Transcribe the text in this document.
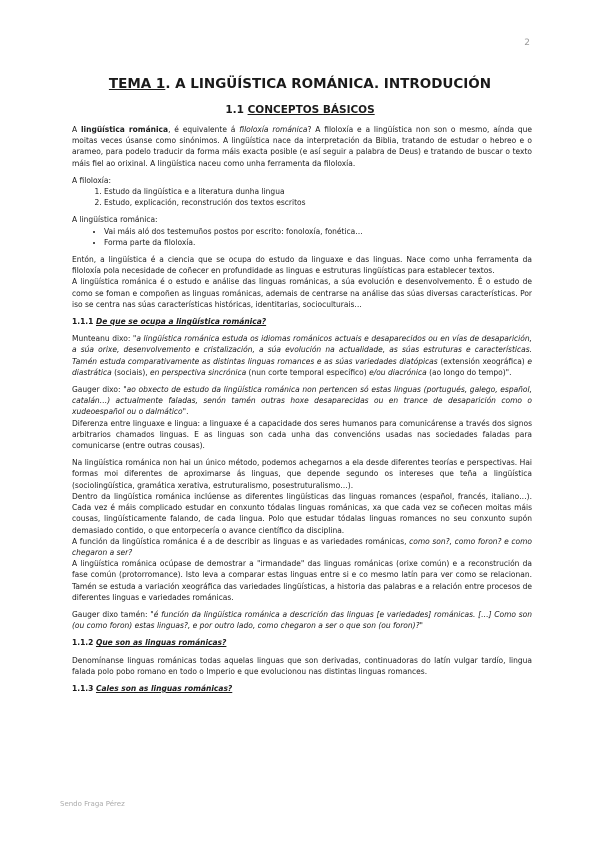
2
TEMA 1. A LINGÜÍSTICA ROMÁNICA. INTRODUCIÓN
1.1 CONCEPTOS BÁSICOS

A lingüística románica, é equivalente á filoloxía románica? A filoloxía e a lingüística non son o mesmo, aínda que moitas veces úsanse como sinónimos. A lingüística nace da interpretación da Biblia, tratando de estudar o hebreo e o arameo, para podelo traducir da forma máis exacta posible (e así seguir a palabra de Deus) e tratando de buscar o texto máis fiel ao orixinal. A lingüística naceu como unha ferramenta da filoloxía.

A filoloxía:

1. Estudo da lingüística e a literatura dunha lingua
2. Estudo, explicación, reconstrución dos textos escritos

A lingüística románica:

• Vai máis aló dos testemuños postos por escrito: fonoloxía, fonética…
• Forma parte da filoloxía.

Entón, a lingüística é a ciencia que se ocupa do estudo da linguaxe e das linguas. Nace como unha ferramenta da filoloxía pola necesidade de coñecer en profundidade as linguas e estruturas lingüísticas para establecer textos.

A lingüística románica é o estudo e análise das linguas románicas, a súa evolución e desenvolvemento. É o estudo de como se foman e compoñen as linguas románicas, ademais de centrarse na análise das súas diversas características. Por iso se centra nas súas características históricas, identitarias, socioculturais…

1.1.1 De que se ocupa a lingüística románica?

Munteanu dixo: "a lingüística románica estuda os idiomas románicos actuais e desaparecidos ou en vías de desaparición, a súa orixe, desenvolvemento e cristalización, a súa evolución na actualidade, as súas estruturas e características. Tamén estuda comparativamente as distintas linguas romances e as súas variedades diatópicas (extensión xeográfica) e diastrática (sociais), en perspectiva sincrónica (nun corte temporal específico) e/ou diacrónica (ao longo do tempo)".

Gauger dixo: "ao obxecto de estudo da lingüística románica non pertencen só estas linguas (portugués, galego, español, catalán…) actualmente faladas, senón tamén outras hoxe desaparecidas ou en trance de desaparición como o xudeoespañol ou o dalmático".

Diferenza entre linguaxe e lingua: a linguaxe é a capacidade dos seres humanos para comunicárense a través dos signos arbitrarios chamados linguas. E as linguas son cada unha das convencións usadas nas sociedades faladas para comunicarse (entre outras cousas).

Na lingüística románica non hai un único método, podemos achegarnos a ela desde diferentes teorías e perspectivas. Hai formas moi diferentes de aproximarse ás linguas, que depende segundo os intereses que teña a lingüística (sociolingüística, gramática xerativa, estruturalismo, posestruturalismo…).

Dentro da lingüística románica inclúense as diferentes lingüísticas das linguas romances (español, francés, italiano…). Cada vez é máis complicado estudar en conxunto tódalas linguas románicas, xa que cada vez se coñecen moitas máis cousas, lingüísticamente falando, de cada lingua. Polo que estudar tódalas linguas romances no seu conxunto supón demasiado contido, o que entorpecería o avance científico da disciplina.

A función da lingüística románica é a de describir as linguas e as variedades románicas, como son?, como foron? e como chegaron a ser?

A lingüística románica ocúpase de demostrar a "irmandade" das linguas románicas (orixe común) e a reconstrución da fase común (protorromance). Isto leva a comparar estas linguas entre si e co mesmo latín para ver como se relacionan. Tamén se estuda a variación xeográfica das variedades lingüísticas, a historia das palabras e a relación entre procesos de diferentes linguas e variedades románicas.

Gauger dixo tamén: "é función da lingüística románica a descrición das linguas [e variedades] románicas. […] Como son (ou como foron) estas linguas?, e por outro lado, como chegaron a ser o que son (ou foron)?"

1.1.2 Que son as linguas románicas?

Denomínanse linguas románicas todas aquelas linguas que son derivadas, continuadoras do latín vulgar tardío, lingua falada polo pobo romano en todo o Imperio e que evolucionou nas distintas linguas romances.

1.1.3 Cales son as linguas románicas?

Sendo Fraga Pérez
